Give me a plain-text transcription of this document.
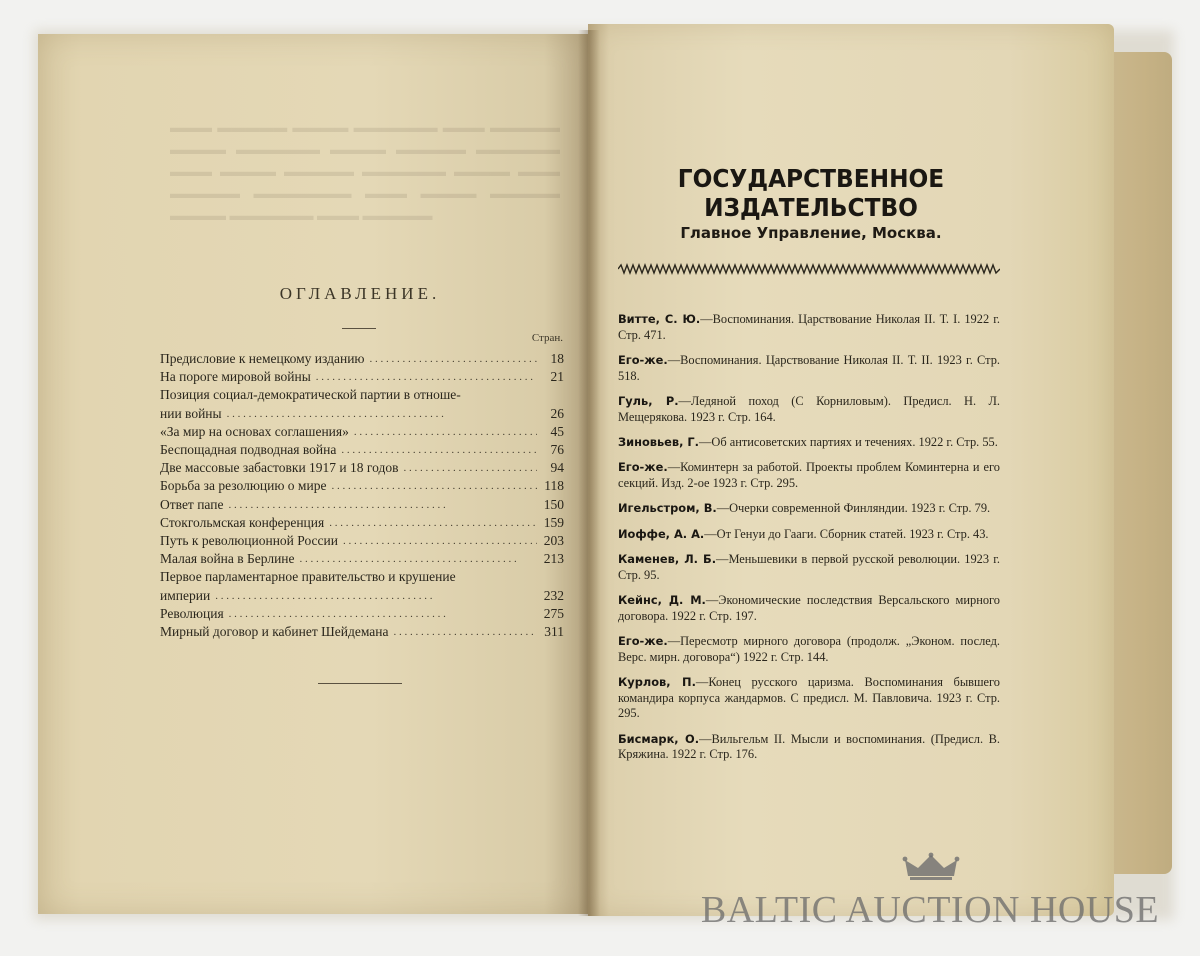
▬▬▬ ▬▬▬▬▬ ▬▬▬▬ ▬▬▬▬▬▬ ▬▬▬ ▬▬▬▬▬ ▬▬▬▬ ▬▬▬▬▬▬ ▬▬▬▬ ▬▬▬▬▬ ▬▬▬▬▬▬ ▬▬▬ ▬▬▬▬ ▬▬▬▬▬ ▬▬▬▬▬▬ ▬▬▬▬ ▬▬▬ ▬▬▬▬▬ ▬▬▬▬▬▬▬ ▬▬▬ ▬▬▬▬ ▬▬▬▬▬ ▬▬▬▬ ▬▬▬▬▬▬ ▬▬▬ ▬▬▬▬▬
ОГЛАВЛЕНИЕ.
Стран.
Предисловие к немецкому изданию . . .	18
На пороге мировой войны . . .	21
Позиция социал-демократической партии в отноше-
нии войны . . .	26
«За мир на основах соглашения» . . .	45
Беспощадная подводная война . . .	76
Две массовые забастовки 1917 и 18 годов . . .	94
Борьба за резолюцию о мире . . .	118
Ответ папе . . .	150
Стокгольмская конференция . . .	159
Путь к революционной России . . .	203
Малая война в Берлине . . .	213
Первое парламентарное правительство и крушение
империи . . .	232
Революция . . .	275
Мирный договор и кабинет Шейдемана . . .	311
ГОСУДАРСТВЕННОЕ ИЗДАТЕЛЬСТВО
Главное Управление, Москва.
Витте, С. Ю.—Воспоминания. Царствование Николая II. Т. I. 1922 г. Стр. 471.
Его-же.—Воспоминания. Царствование Николая II. Т. II. 1923 г. Стр. 518.
Гуль, Р.—Ледяной поход (С Корниловым). Предисл. Н. Л. Мещерякова. 1923 г. Стр. 164.
Зиновьев, Г.—Об антисоветских партиях и течениях. 1922 г. Стр. 55.
Его-же.—Коминтерн за работой. Проекты проблем Коминтерна и его секций. Изд. 2-ое 1923 г. Стр. 295.
Игельстром, В.—Очерки современной Финляндии. 1923 г. Стр. 79.
Иоффе, А. А.—От Генуи до Гааги. Сборник статей. 1923 г. Стр. 43.
Каменев, Л. Б.—Меньшевики в первой русской революции. 1923 г. Стр. 95.
Кейнс, Д. М.—Экономические последствия Версальского мирного договора. 1922 г. Стр. 197.
Его-же.—Пересмотр мирного договора (продолж. „Эконом. послед. Верс. мирн. договора“) 1922 г. Стр. 144.
Курлов, П.—Конец русского царизма. Воспоминания бывшего командира корпуса жандармов. С предисл. М. Павловича. 1923 г. Стр. 295.
Бисмарк, О.—Вильгельм II. Мысли и воспоминания. (Предисл. В. Кряжина. 1922 г. Стр. 176.
BALTIC AUCTION HOUSE
